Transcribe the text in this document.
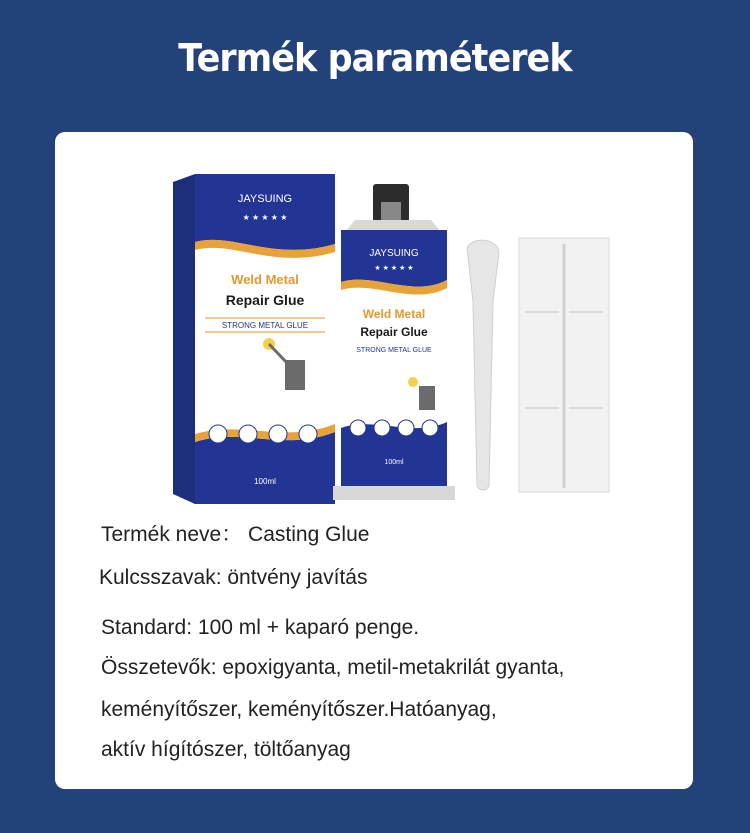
Termék paraméterek
JAYSUING
★ ★ ★ ★ ★
Weld Metal
Repair Glue
STRONG METAL GLUE
100ml
JAYSUING
★ ★ ★ ★ ★
Weld Metal
Repair Glue
STRONG METAL GLUE
100ml
Termék neve： Casting Glue
Kulcsszavak: öntvény javítás
Standard: 100 ml + kaparó penge.
Összetevők: epoxigyanta, metil-metakrilát gyanta,
keményítőszer, keményítőszer.Hatóanyag,
aktív hígítószer, töltőanyag
